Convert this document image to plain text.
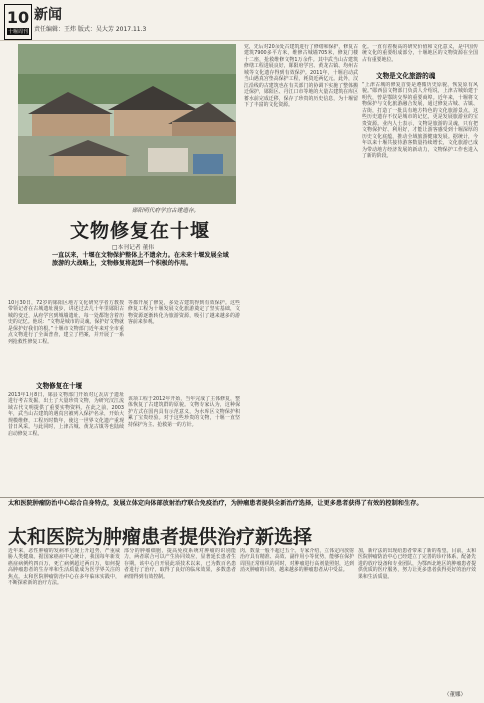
10
十堰周刊
新闻
责任编辑：王炜 版式：吴大芳 2017.11.3
郧阳明代府学宫古建遗存。
文物修复在十堰
□本刊记者 董伟
一直以来，十堰在文物保护整体上不遗余力。在未来十堰发展全域旅游的大战略上，文物修复将起到一个积极的作用。
10月30日，72岁的郧阳区地方文化研究学者方教授带领记者在古城遗址漫步，讲述过去几十年里郧阳古城的变迁，从府学宫到城墙遗址，每一处都饱含着历史的记忆。他说：“文物是城市的灵魂，保护好文物就是保护好我们的根。”十堰市文物部门近年来对全市重点文物进行了全面普查，建立了档案，并开展了一系列抢救性修复工程。
文物修复在十堰
2013年1月8日，郧县文物部门开始对辽瓦店子遗址进行考古发掘，出土了大量珍贵文物，为研究汉江流域古代文明提供了重要实物资料。在此之前，2003年，武当山古建筑的遇真宫被列入保护名录，开始大规模维修，工程历时数年，使这一世界文化遗产重现昔日风采。与此同时，上津古城、黄龙古镇等也陆续启动修复工程。
等都开展了修复，多处古建筑得到有效保护。这些修复工程为十堰发展文化旅游奠定了坚实基础，文物资源逐渐转化为旅游资源，吸引了越来越多的游客前来参观。
该项工程于2012年开始，当年完成了主体修复，整体恢复了古建筑群的原貌。文物专家认为，这种保护方式在国内具有示范意义，为水库区文物保护积累了宝贵经验。对于这些珍贵的文物，十堰一直坚持保护为主、抢救第一的方针。
党，先后对20余处古建筑进行了修缮和保护，修复古建筑7900多平方米，维修古城墙705米，修复门楼十二座，抢救维修文物1万余件。其中武当山古建筑修缮工程进展良好，郧阳府学宫、黄龙古镇、均州古城等文化遗存得到有效保护。2011年，十堰启动武当山遇真宫垫高保护工程，耗资近两亿元。此外，汉江沿线的古建筑也在有关部门的协调下实施了整体搬迁保护，郧阳区、丹江口市等地的大量古建筑在库区蓄水前完成迁移，保存了珍贵的历史信息，为十堰留下了丰富的文化资源。
化。一直有着极高的研究价值和文化意义，是中国传统文化的重要组成部分，十堰地区的文物资源在全国占有重要地位。
文物是文化旅游的魂
“上津古城的修复首要是遵循历史原貌，恢复原有风貌。”郧西县文物部门负责人介绍说，上津古城始建于明代，曾是鄂陕交界的重要商埠。近年来，十堰将文物保护与文化旅游融合发展，通过修复古城、古镇、古街，打造了一批具有地方特色的文化旅游景点。这些历史遗存不仅是城市的记忆，更是发展旅游业的宝贵资源。业内人士表示，文物是旅游的灵魂，只有把文物保护好、利用好，才能让游客感受到十堰深厚的历史文化底蕴，推动全域旅游健康发展。据统计，今年以来十堰共接待游客数量持续增长，文化旅游已成为带动地方经济发展的新动力，文物保护工作也进入了新的阶段。
太和医院肿瘤防治中心综合自身特点，发展立体定向体部放射治疗联合免疫治疗，为肿瘤患者提供全新治疗选择，让更多患者获得了有效的控制和生存。
太和医院为肿瘤患者提供治疗新选择
近年来，恶性肿瘤的发病率呈现上升趋势，严重威胁人类健康。据国家癌症中心统计，我国每年新发癌症病例约四百万，死亡病例超过两百万，如何提高肿瘤患者的生存率和生活质量成为医学界关注的焦点。太和医院肿瘤防治中心在多年临床实践中，不断探索新的治疗方法。
部分的肿瘤细胞，提高免疫系统对肿瘤的识别能力，两者联合可以产生协同效应，显著延长患者生存期。该中心自开展此项技术以来，已为数百名患者进行了治疗，取得了良好的临床效果，多数患者病情得到有效控制。
肉，数量一般不超过五个。专家介绍，立体定向放射治疗具有精准、高效、副作用小等优势，能够在保护周围正常组织的同时，对肿瘤进行高剂量照射，达到消灭肿瘤的目的，越来越多的肿瘤患者从中受益。
加，新疗法的出现给患者带来了新的希望。目前，太和医院肿瘤防治中心已经建立了完善的诊疗体系，配备先进的放疗设备和专业团队，为鄂西北地区的肿瘤患者提供优质的医疗服务，努力让更多患者获得更好的治疗效果和生活质量。
（董娜）
